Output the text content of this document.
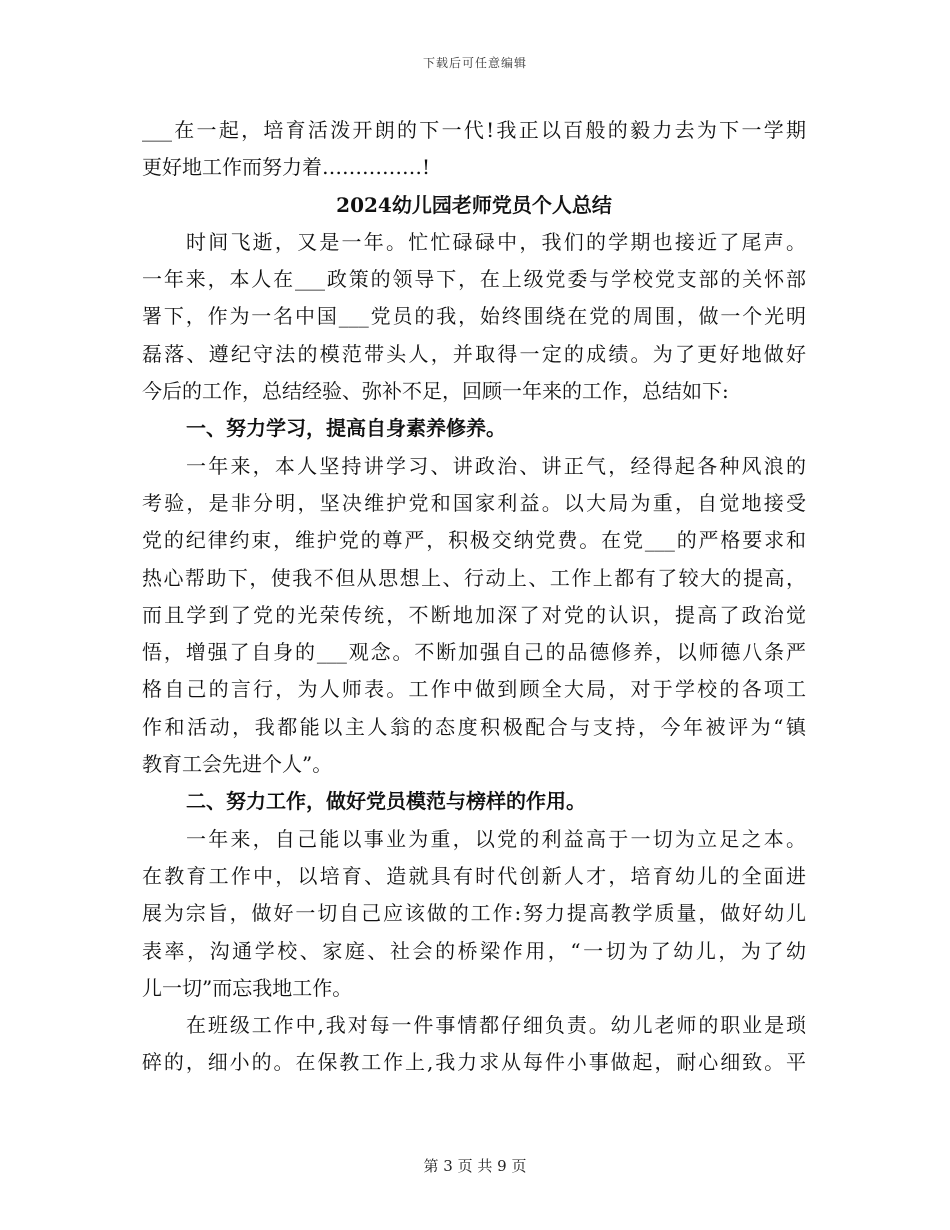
下载后可任意编辑
___在一起，培育活泼开朗的下一代!我正以百般的毅力去为下一学期
更好地工作而努力着……………!
2024幼儿园老师党员个人总结
时间飞逝，又是一年。忙忙碌碌中，我们的学期也接近了尾声。
一年来，本人在___政策的领导下，在上级党委与学校党支部的关怀部
署下，作为一名中国___党员的我，始终围绕在党的周围，做一个光明
磊落、遵纪守法的模范带头人，并取得一定的成绩。为了更好地做好
今后的工作，总结经验、弥补不足，回顾一年来的工作，总结如下:
一、努力学习，提高自身素养修养。
一年来，本人坚持讲学习、讲政治、讲正气，经得起各种风浪的
考验，是非分明，坚决维护党和国家利益。以大局为重，自觉地接受
党的纪律约束，维护党的尊严，积极交纳党费。在党___的严格要求和
热心帮助下，使我不但从思想上、行动上、工作上都有了较大的提高，
而且学到了党的光荣传统，不断地加深了对党的认识，提高了政治觉
悟，增强了自身的___观念。不断加强自己的品德修养，以师德八条严
格自己的言行，为人师表。工作中做到顾全大局，对于学校的各项工
作和活动，我都能以主人翁的态度积极配合与支持，今年被评为“镇
教育工会先进个人”。
二、努力工作，做好党员模范与榜样的作用。
一年来，自己能以事业为重，以党的利益高于一切为立足之本。
在教育工作中，以培育、造就具有时代创新人才，培育幼儿的全面进
展为宗旨，做好一切自己应该做的工作:努力提高教学质量，做好幼儿
表率，沟通学校、家庭、社会的桥梁作用，“一切为了幼儿，为了幼
儿一切”而忘我地工作。
在班级工作中,我对每一件事情都仔细负责。幼儿老师的职业是琐
碎的，细小的。在保教工作上,我力求从每件小事做起，耐心细致。平
第 3 页 共 9 页
